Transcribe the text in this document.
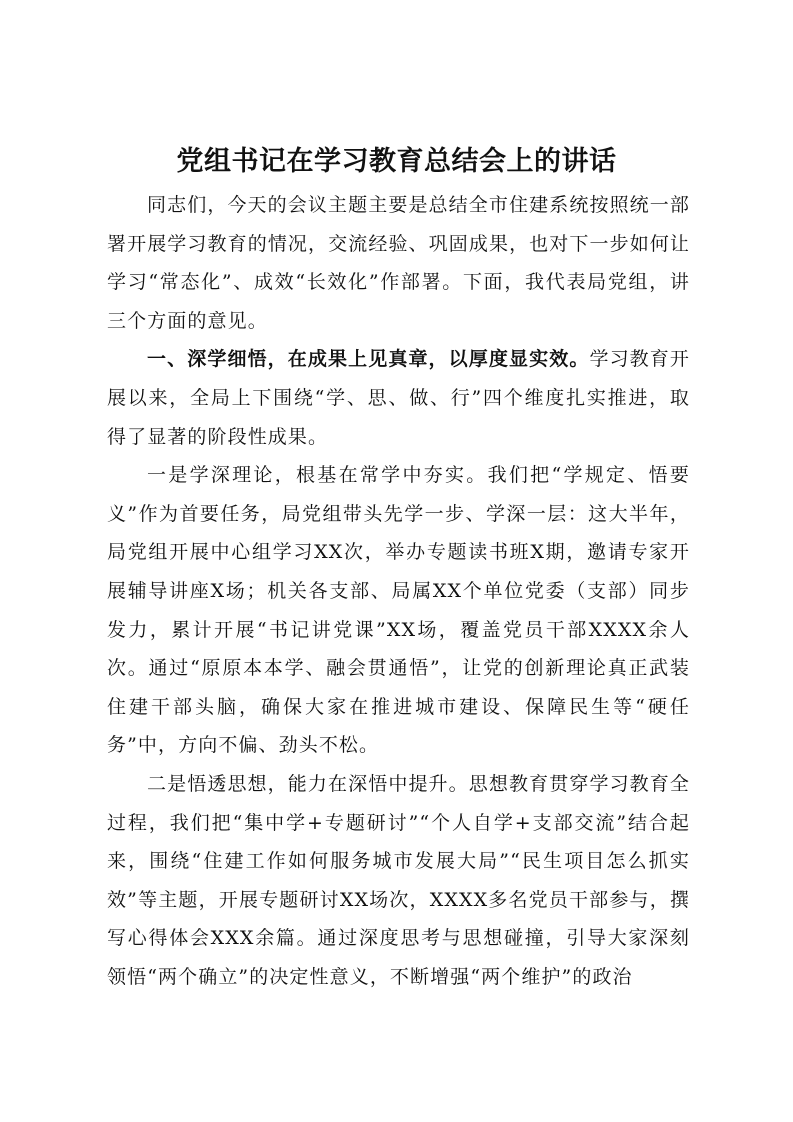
党组书记在学习教育总结会上的讲话

同志们，今天的会议主题主要是总结全市住建系统按照统一部署开展学习教育的情况，交流经验、巩固成果，也对下一步如何让学习“常态化”、成效“长效化”作部署。下面，我代表局党组，讲三个方面的意见。

一、深学细悟，在成果上见真章，以厚度显实效。学习教育开展以来，全局上下围绕“学、思、做、行”四个维度扎实推进，取得了显著的阶段性成果。

一是学深理论，根基在常学中夯实。我们把“学规定、悟要义”作为首要任务，局党组带头先学一步、学深一层：这大半年，局党组开展中心组学习XX次，举办专题读书班X期，邀请专家开展辅导讲座X场；机关各支部、局属XX个单位党委（支部）同步发力，累计开展“书记讲党课”XX场，覆盖党员干部XXXX余人次。通过“原原本本学、融会贯通悟”，让党的创新理论真正武装住建干部头脑，确保大家在推进城市建设、保障民生等“硬任务”中，方向不偏、劲头不松。

二是悟透思想，能力在深悟中提升。思想教育贯穿学习教育全过程，我们把“集中学+专题研讨”“个人自学+支部交流”结合起来，围绕“住建工作如何服务城市发展大局”“民生项目怎么抓实效”等主题，开展专题研讨XX场次，XXXX多名党员干部参与，撰写心得体会XXX余篇。通过深度思考与思想碰撞，引导大家深刻领悟“两个确立”的决定性意义，不断增强“两个维护”的政治
